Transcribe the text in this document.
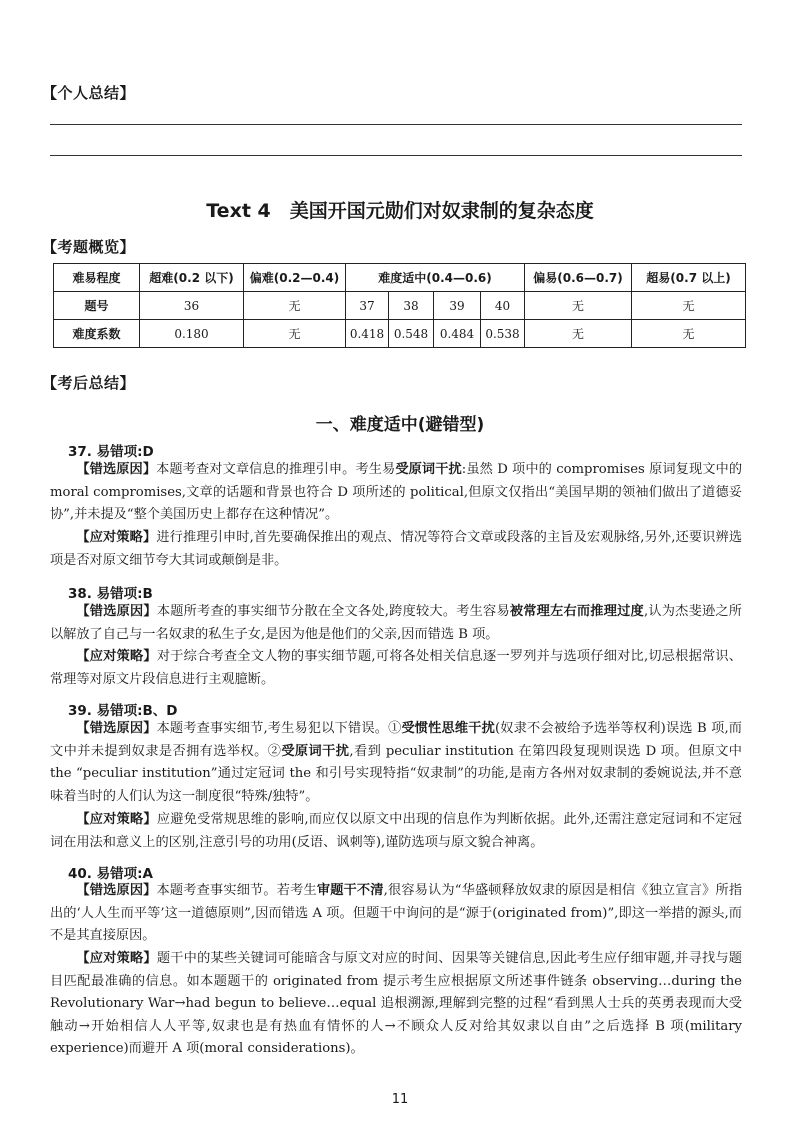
【个人总结】
Text 4　美国开国元勋们对奴隶制的复杂态度
【考题概览】
难易程度	超难(0.2 以下)	偏难(0.2—0.4)	难度适中(0.4—0.6)				偏易(0.6—0.7)	超易(0.7 以上)
题号	36	无	37	38	39	40	无	无
难度系数	0.180	无	0.418	0.548	0.484	0.538	无	无
【考后总结】
一、难度适中(避错型)
37. 易错项:D

【错选原因】本题考查对文章信息的推理引申。考生易受原词干扰:虽然 D 项中的 compromises 原词复现文中的 moral compromises,文章的话题和背景也符合 D 项所述的 political,但原文仅指出“美国早期的领袖们做出了道德妥协”,并未提及“整个美国历史上都存在这种情况”。

【应对策略】进行推理引申时,首先要确保推出的观点、情况等符合文章或段落的主旨及宏观脉络,另外,还要识辨选项是否对原文细节夸大其词或颠倒是非。

38. 易错项:B

【错选原因】本题所考查的事实细节分散在全文各处,跨度较大。考生容易被常理左右而推理过度,认为杰斐逊之所以解放了自己与一名奴隶的私生子女,是因为他是他们的父亲,因而错选 B 项。

【应对策略】对于综合考查全文人物的事实细节题,可将各处相关信息逐一罗列并与选项仔细对比,切忌根据常识、常理等对原文片段信息进行主观臆断。

39. 易错项:B、D

【错选原因】本题考查事实细节,考生易犯以下错误。①受惯性思维干扰(奴隶不会被给予选举等权利)误选 B 项,而文中并未提到奴隶是否拥有选举权。②受原词干扰,看到 peculiar institution 在第四段复现则误选 D 项。但原文中 the “peculiar institution”通过定冠词 the 和引号实现特指“奴隶制”的功能,是南方各州对奴隶制的委婉说法,并不意味着当时的人们认为这一制度很“特殊/独特”。

【应对策略】应避免受常规思维的影响,而应仅以原文中出现的信息作为判断依据。此外,还需注意定冠词和不定冠词在用法和意义上的区别,注意引号的功用(反语、讽刺等),谨防选项与原文貌合神离。

40. 易错项:A

【错选原因】本题考查事实细节。若考生审题干不清,很容易认为“华盛顿释放奴隶的原因是相信《独立宣言》所指出的‘人人生而平等’这一道德原则”,因而错选 A 项。但题干中询问的是“源于(originated from)”,即这一举措的源头,而不是其直接原因。

【应对策略】题干中的某些关键词可能暗含与原文对应的时间、因果等关键信息,因此考生应仔细审题,并寻找与题目匹配最准确的信息。如本题题干的 originated from 提示考生应根据原文所述事件链条 observing…during the Revolutionary War→had begun to believe…equal 追根溯源,理解到完整的过程“看到黑人士兵的英勇表现而大受触动→开始相信人人平等,奴隶也是有热血有情怀的人→不顾众人反对给其奴隶以自由”之后选择 B 项(military experience)而避开 A 项(moral considerations)。

11
